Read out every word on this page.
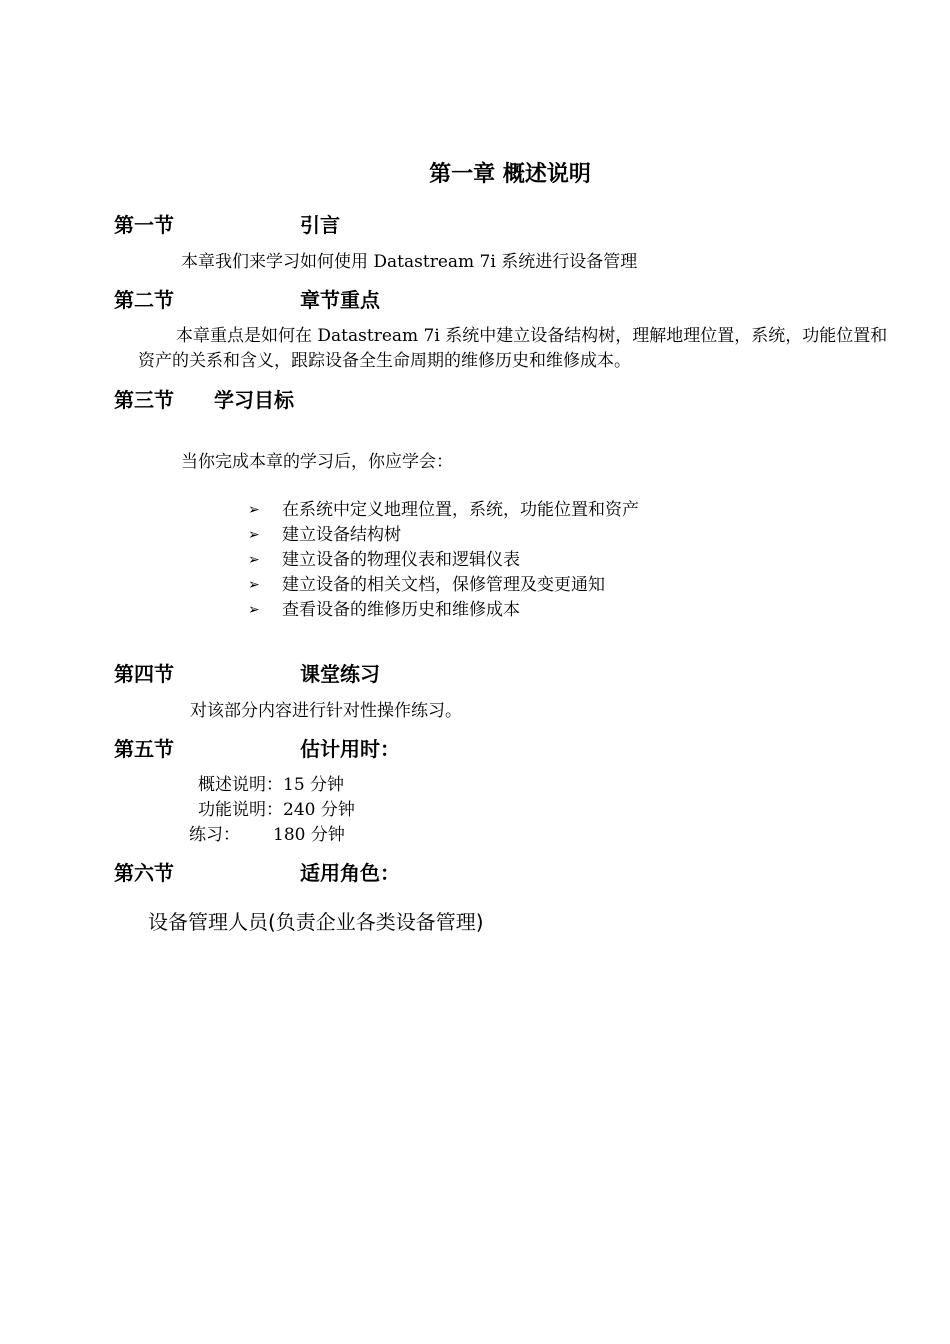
第一章 概述说明
第一节	引言
本章我们来学习如何使用 Datastream 7i 系统进行设备管理
第二节	章节重点
本章重点是如何在 Datastream 7i 系统中建立设备结构树，理解地理位置，系统，功能位置和资产的关系和含义，跟踪设备全生命周期的维修历史和维修成本。
第三节 学习目标
当你完成本章的学习后，你应学会：
➢ 在系统中定义地理位置，系统，功能位置和资产
➢ 建立设备结构树
➢ 建立设备的物理仪表和逻辑仪表
➢ 建立设备的相关文档，保修管理及变更通知
➢ 查看设备的维修历史和维修成本
第四节	课堂练习
对该部分内容进行针对性操作练习。
第五节	估计用时：
概述说明：15 分钟
功能说明：240 分钟
练习： 180 分钟
第六节	适用角色：
设备管理人员(负责企业各类设备管理)
